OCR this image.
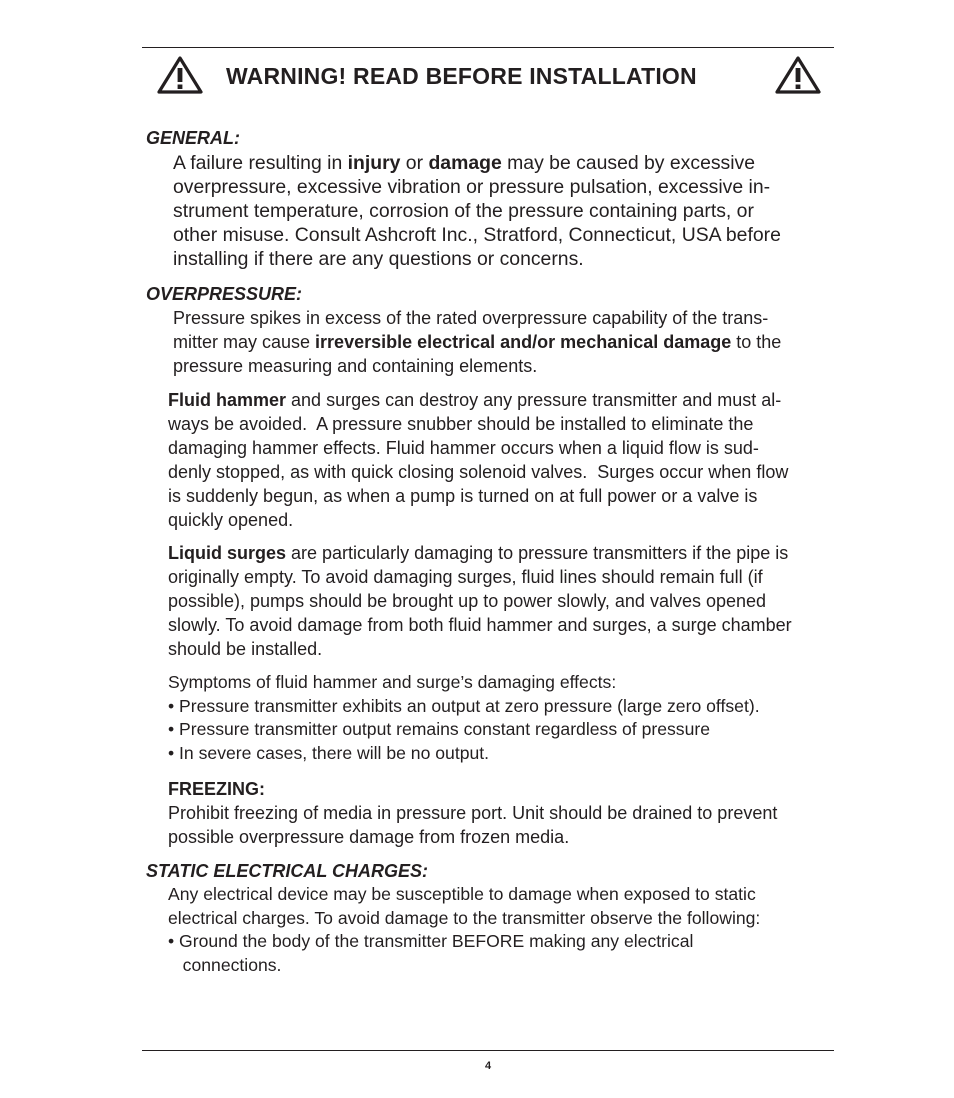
WARNING! READ BEFORE INSTALLATION
GENERAL:
A failure resulting in injury or damage may be caused by excessive
overpressure, excessive vibration or pressure pulsation, excessive in-
strument temperature, corrosion of the pressure containing parts, or
other misuse. Consult Ashcroft Inc., Stratford, Connecticut, USA before
installing if there are any questions or concerns.
OVERPRESSURE:
Pressure spikes in excess of the rated overpressure capability of the trans-
mitter may cause irreversible electrical and/or mechanical damage to the
pressure measuring and containing elements.
Fluid hammer and surges can destroy any pressure transmitter and must al-
ways be avoided.  A pressure snubber should be installed to eliminate the
damaging hammer effects. Fluid hammer occurs when a liquid flow is sud-
denly stopped, as with quick closing solenoid valves.  Surges occur when flow
is suddenly begun, as when a pump is turned on at full power or a valve is
quickly opened.
Liquid surges are particularly damaging to pressure transmitters if the pipe is
originally empty. To avoid damaging surges, fluid lines should remain full (if
possible), pumps should be brought up to power slowly, and valves opened
slowly. To avoid damage from both fluid hammer and surges, a surge chamber
should be installed.
Symptoms of fluid hammer and surge’s damaging effects:
• Pressure transmitter exhibits an output at zero pressure (large zero offset).
• Pressure transmitter output remains constant regardless of pressure
• In severe cases, there will be no output.
FREEZING:
Prohibit freezing of media in pressure port. Unit should be drained to prevent
possible overpressure damage from frozen media.
STATIC ELECTRICAL CHARGES:
Any electrical device may be susceptible to damage when exposed to static
electrical charges. To avoid damage to the transmitter observe the following:
• Ground the body of the transmitter BEFORE making any electrical
connections.
4
